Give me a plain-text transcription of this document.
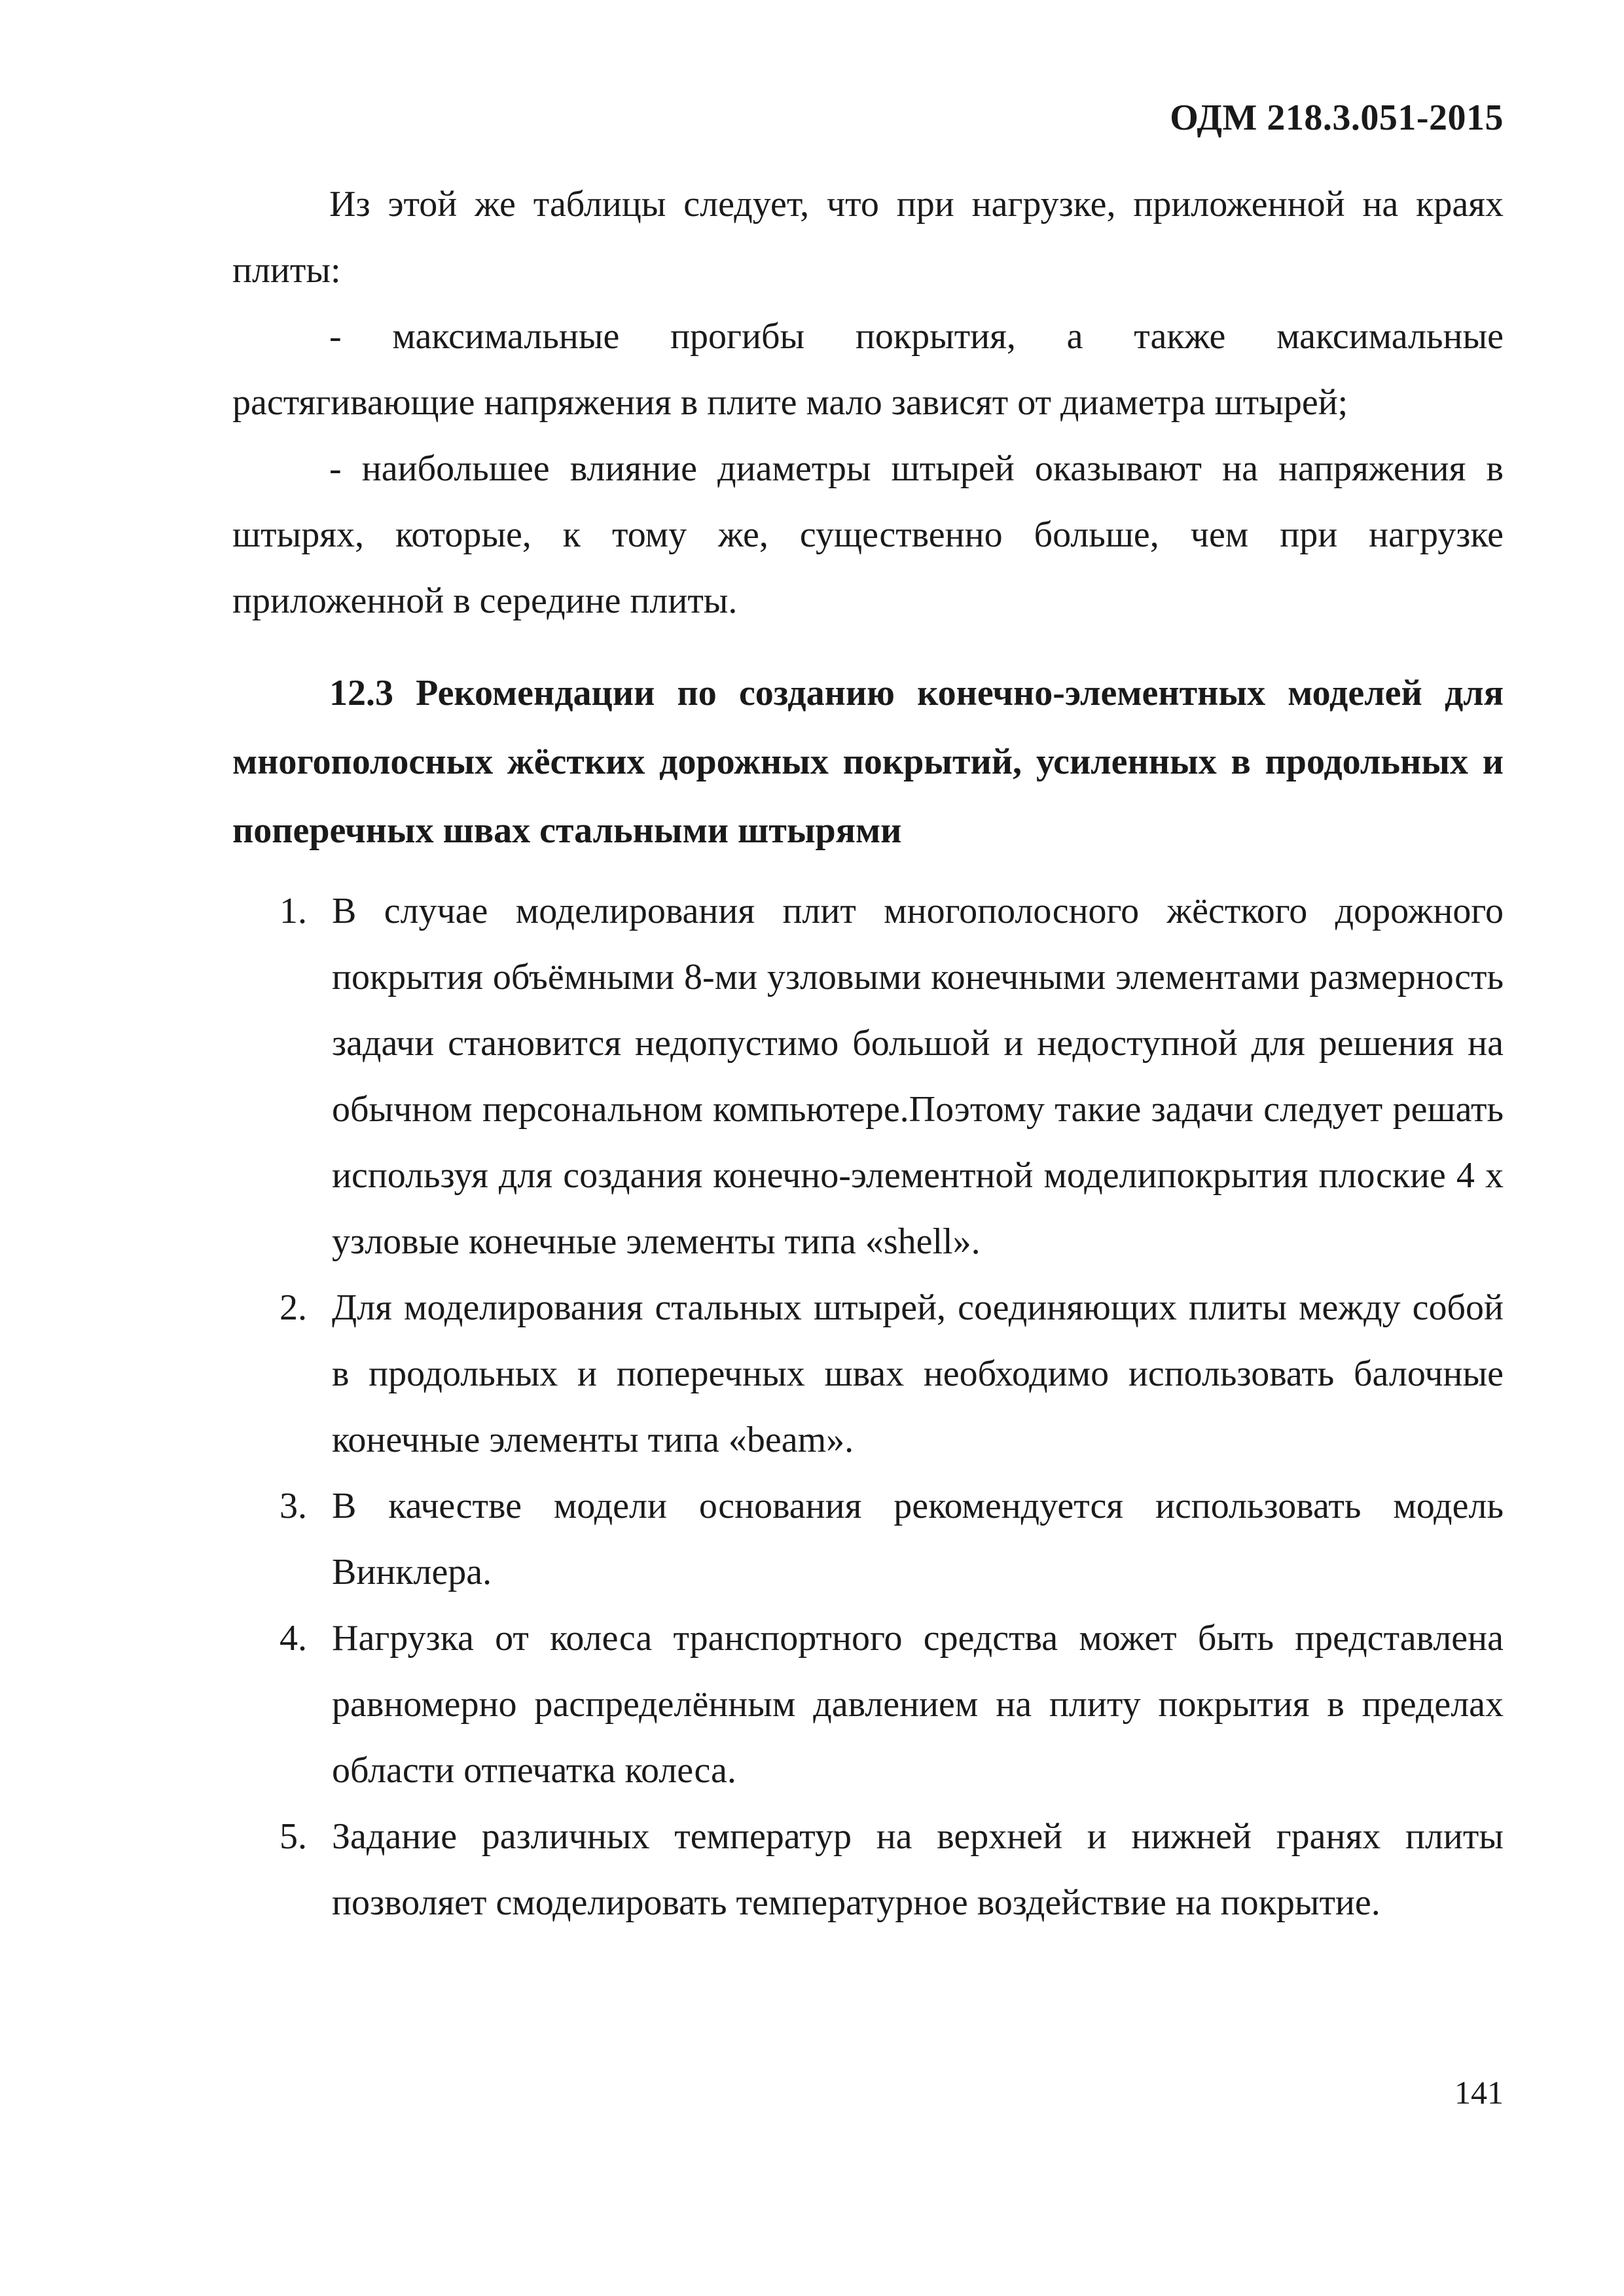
ОДМ 218.3.051-2015

Из этой же таблицы следует, что при нагрузке, приложенной на краях плиты:

- максимальные прогибы покрытия, а также максимальные растягивающие напряжения в плите мало зависят от диаметра штырей;

- наибольшее влияние диаметры штырей оказывают на напряжения в штырях, которые, к тому же, существенно больше, чем при нагрузке приложенной в середине плиты.

12.3 Рекомендации по созданию конечно-элементных моделей для многополосных жёстких дорожных покрытий, усиленных в продольных и поперечных швах стальными штырями

1. В случае моделирования плит многополосного жёсткого дорожного покрытия объёмными 8-ми узловыми конечными элементами размерность задачи становится недопустимо большой и недоступной для решения на обычном персональном компьютере.Поэтому такие задачи следует решать используя для создания конечно-элементной моделипокрытия плоские 4 х узловые конечные элементы типа «shell».
2. Для моделирования стальных штырей, соединяющих плиты между собой в продольных и поперечных швах необходимо использовать балочные конечные элементы типа «beam».
3. В качестве модели основания рекомендуется использовать модель Винклера.
4. Нагрузка от колеса транспортного средства может быть представлена равномерно распределённым давлением на плиту покрытия в пределах области отпечатка колеса.
5. Задание различных температур на верхней и нижней гранях плиты позволяет смоделировать температурное воздействие на покрытие.
141
